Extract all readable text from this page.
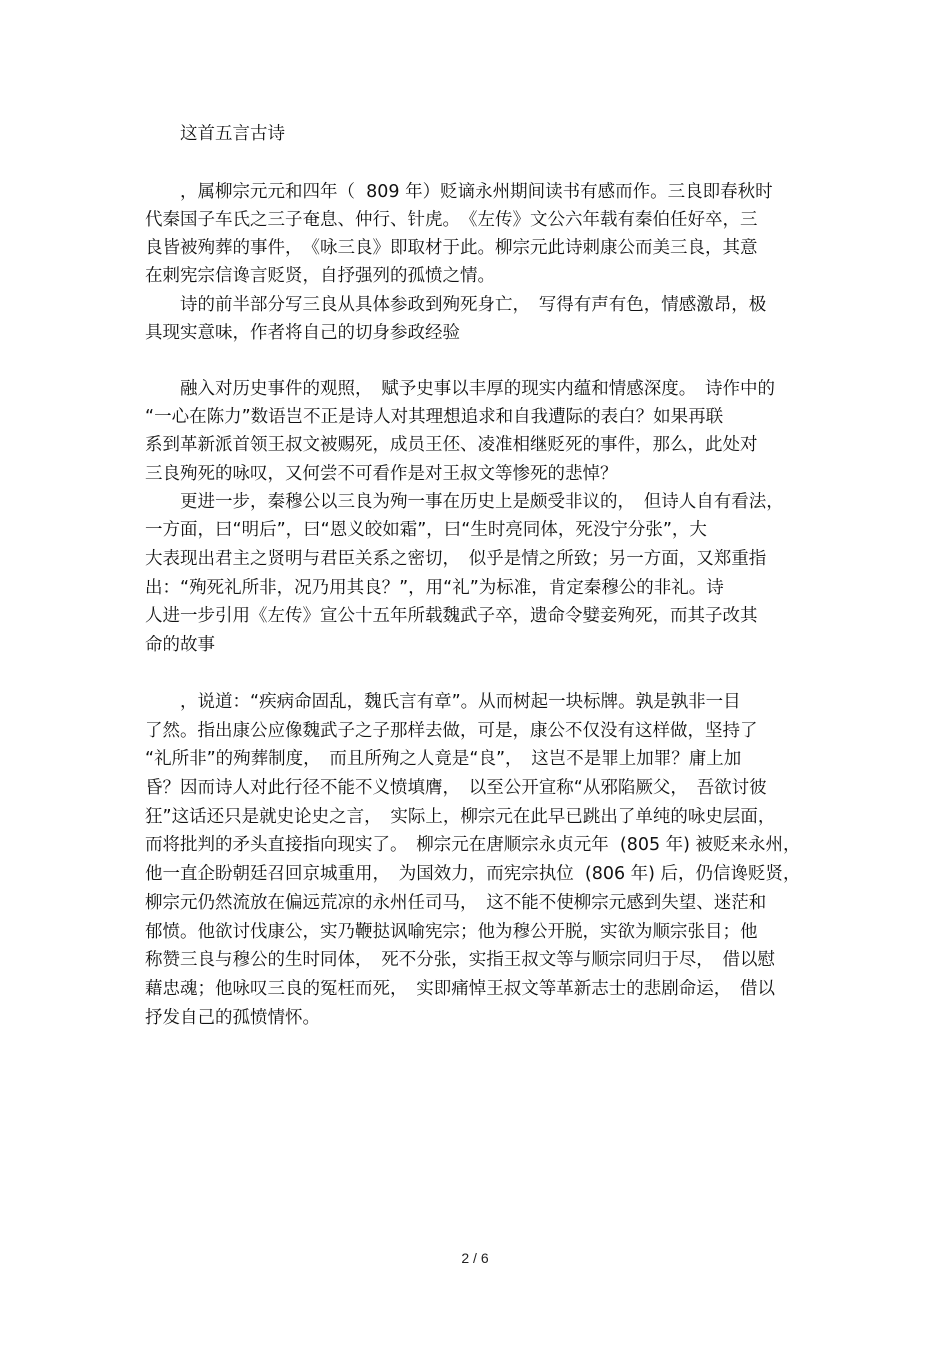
　　这首五言古诗
　　，属柳宗元元和四年（  809 年）贬谪永州期间读书有感而作。三良即春秋时
代秦国子车氏之三子奄息、仲行、针虎。　《左传》文公六年载有秦伯任好卒，三
良皆被殉葬的事件，　《咏三良》即取材于此。柳宗元此诗刺康公而美三良，其意
在刺宪宗信谗言贬贤，自抒强列的孤愤之情。
　　诗的前半部分写三良从具体参政到殉死身亡，　写得有声有色，情感激昂，极
具现实意味，作者将自己的切身参政经验
　　融入对历史事件的观照，　赋予史事以丰厚的现实内蕴和情感深度。　诗作中的
“一心在陈力”数语岂不正是诗人对其理想追求和自我遭际的表白？如果再联
系到革新派首领王叔文被赐死，成员王伾、凌准相继贬死的事件，那么，此处对
三良殉死的咏叹，又何尝不可看作是对王叔文等惨死的悲悼？
　　更进一步，秦穆公以三良为殉一事在历史上是颇受非议的，　但诗人自有看法，
一方面，曰“明后”，曰“恩义皎如霜”，曰“生时亮同体，死没宁分张”，大
大表现出君主之贤明与君臣关系之密切，　似乎是情之所致；另一方面，又郑重指
出：“殉死礼所非，况乃用其良？”，用“礼”为标准，肯定秦穆公的非礼。诗
人进一步引用《左传》宣公十五年所载魏武子卒，遗命令嬖妾殉死，而其子改其
命的故事
　　，说道：“疾病命固乱，魏氏言有章”。从而树起一块标牌。孰是孰非一目
了然。指出康公应像魏武子之子那样去做，可是，康公不仅没有这样做，坚持了
“礼所非”的殉葬制度，　而且所殉之人竟是“良”，　这岂不是罪上加罪？庸上加
昏？因而诗人对此行径不能不义愤填膺，　以至公开宣称“从邪陷厥父，　吾欲讨彼
狂”这话还只是就史论史之言，　实际上，柳宗元在此早已跳出了单纯的咏史层面，
而将批判的矛头直接指向现实了。　柳宗元在唐顺宗永贞元年  (805 年) 被贬来永州，
他一直企盼朝廷召回京城重用，　为国效力，而宪宗执位  (806 年) 后，仍信谗贬贤，
柳宗元仍然流放在偏远荒凉的永州任司马，　这不能不使柳宗元感到失望、迷茫和
郁愤。他欲讨伐康公，实乃鞭挞讽喻宪宗；他为穆公开脱，实欲为顺宗张目；他
称赞三良与穆公的生时同体，　死不分张，实指王叔文等与顺宗同归于尽，　借以慰
藉忠魂；他咏叹三良的冤枉而死，　实即痛悼王叔文等革新志士的悲剧命运，　借以
抒发自己的孤愤情怀。
2 / 6
